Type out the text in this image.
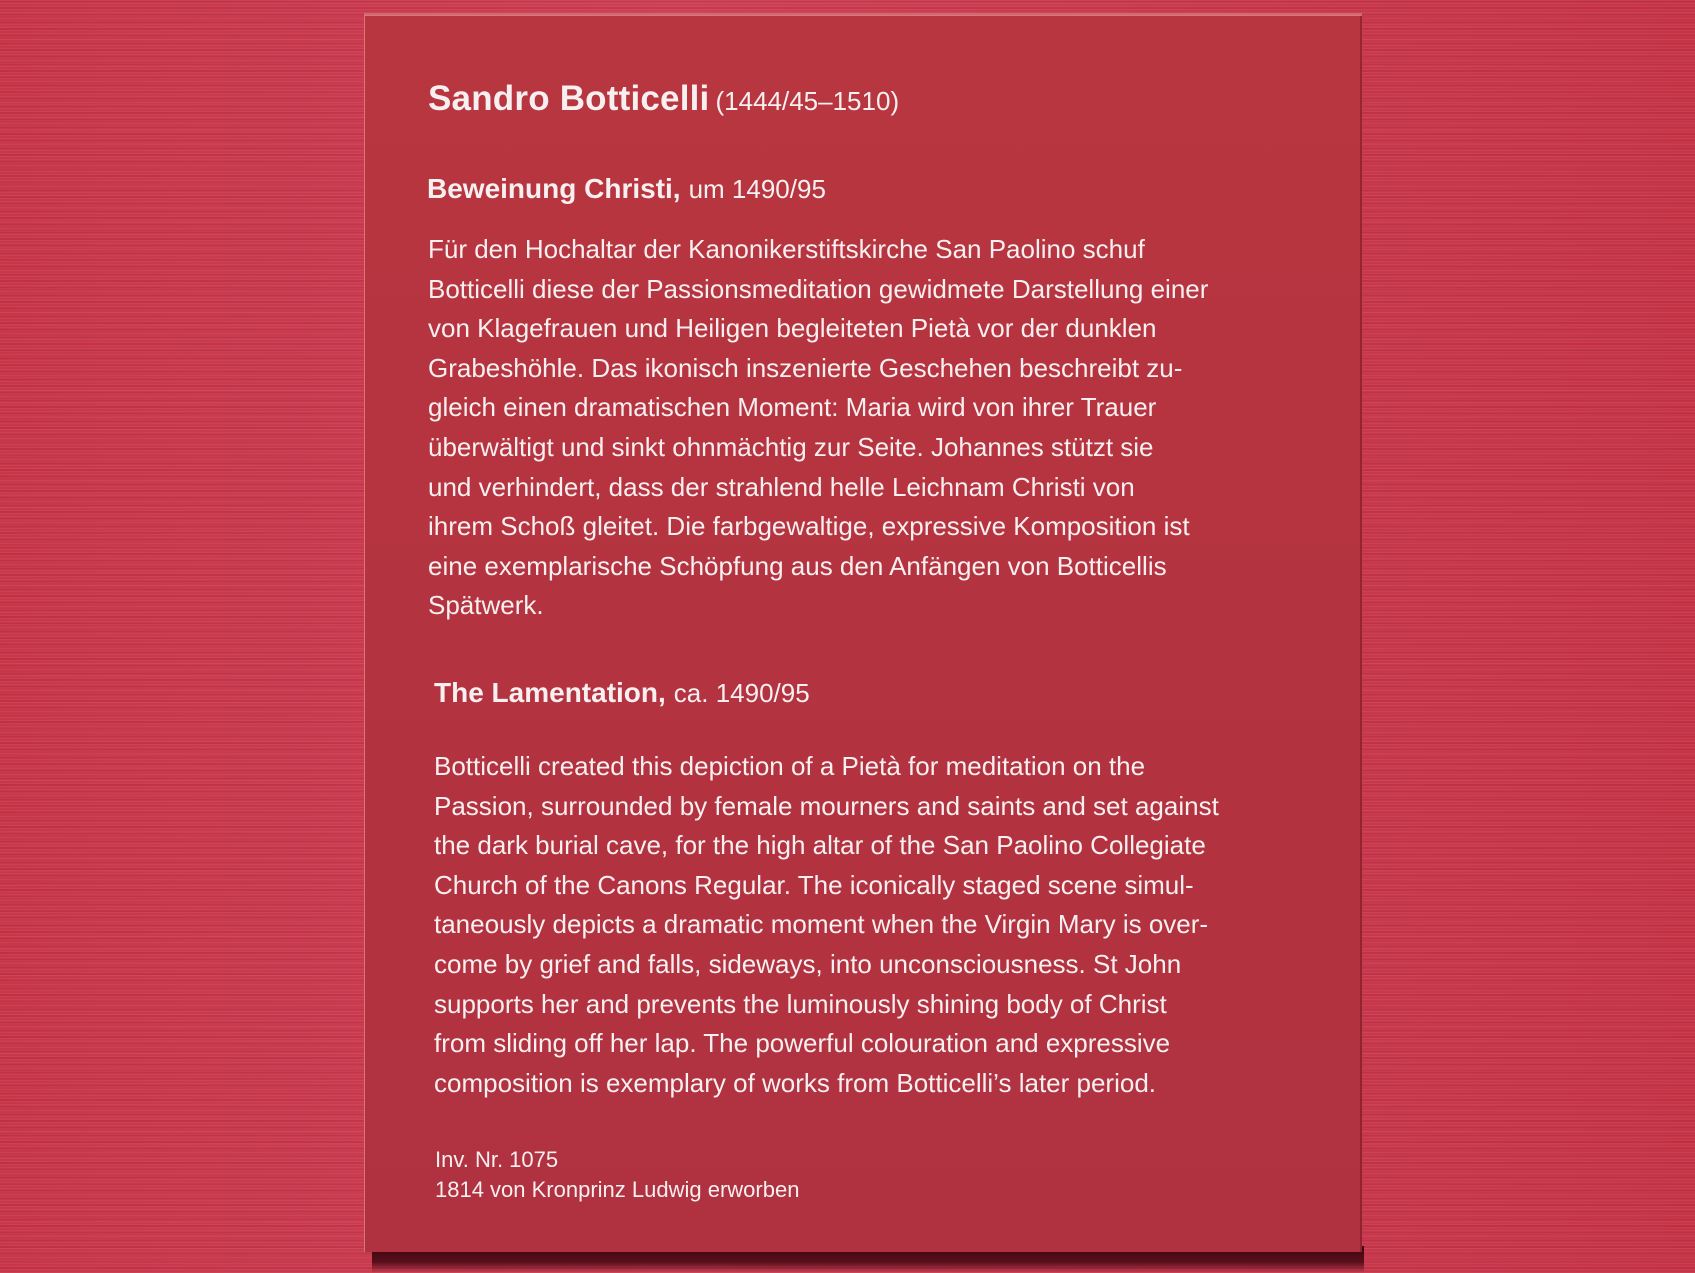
Sandro Botticelli (1444/45–1510)
Beweinung Christi, um 1490/95
Für den Hochaltar der Kanonikerstiftskirche San Paolino schuf
Botticelli diese der Passionsmeditation gewidmete Darstellung einer
von Klagefrauen und Heiligen begleiteten Pietà vor der dunklen
Grabeshöhle. Das ikonisch inszenierte Geschehen beschreibt zu-
gleich einen dramatischen Moment: Maria wird von ihrer Trauer
überwältigt und sinkt ohnmächtig zur Seite. Johannes stützt sie
und verhindert, dass der strahlend helle Leichnam Christi von
ihrem Schoß gleitet. Die farbgewaltige, expressive Komposition ist
eine exemplarische Schöpfung aus den Anfängen von Botticellis
Spätwerk.
The Lamentation, ca. 1490/95
Botticelli created this depiction of a Pietà for meditation on the
Passion, surrounded by female mourners and saints and set against
the dark burial cave, for the high altar of the San Paolino Collegiate
Church of the Canons Regular. The iconically staged scene simul-
taneously depicts a dramatic moment when the Virgin Mary is over-
come by grief and falls, sideways, into unconsciousness. St John
supports her and prevents the luminously shining body of Christ
from sliding off her lap. The powerful colouration and expressive
composition is exemplary of works from Botticelli’s later period.
Inv. Nr. 1075
1814 von Kronprinz Ludwig erworben
